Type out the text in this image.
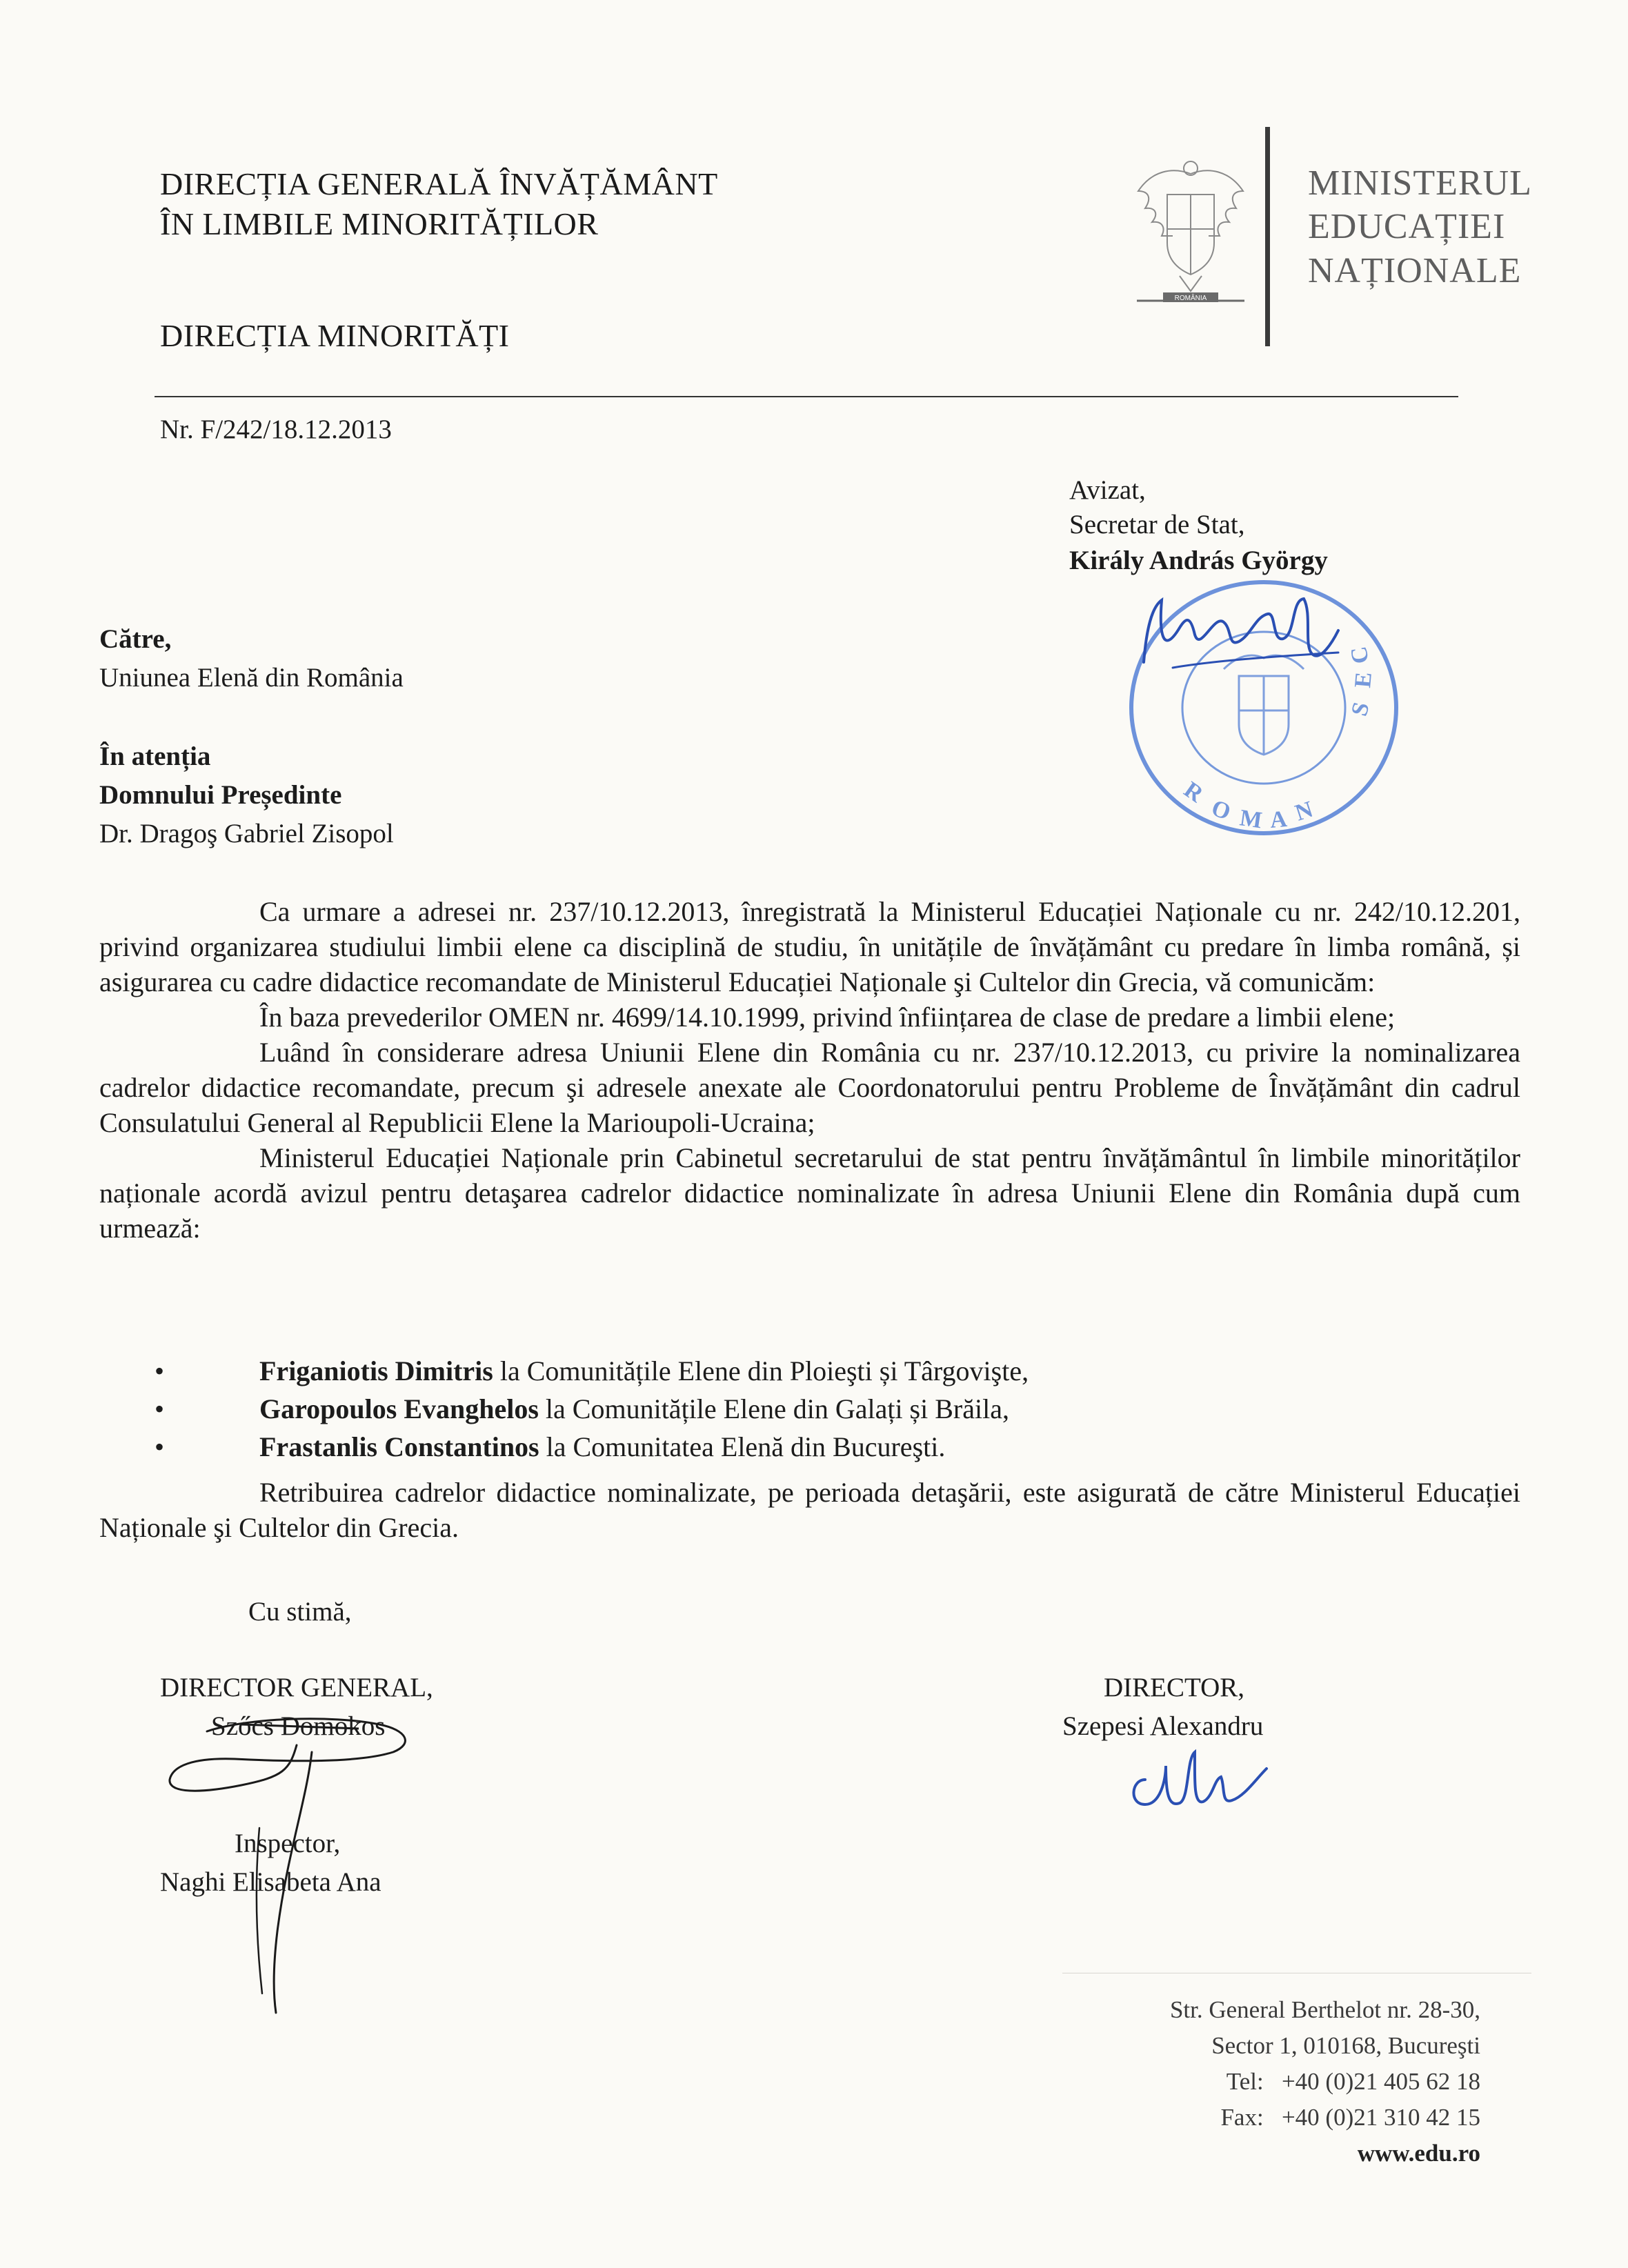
DIRECȚIA GENERALĂ ÎNVĂȚĂMÂNT
ÎN LIMBILE MINORITĂȚILOR
DIRECȚIA MINORITĂȚI
ROMÂNIA
MINISTERUL
EDUCAȚIEI
NAȚIONALE
Nr. F/242/18.12.2013
Avizat,
Secretar de Stat,
Király András György
R
O M A N
S
E
C
Către,
Uniunea Elenă din România
În atenția
Domnului Președinte
Dr. Dragoş Gabriel Zisopol

Ca urmare a adresei nr. 237/10.12.2013, înregistrată la Ministerul Educației Naționale cu nr. 242/10.12.201, privind organizarea studiului limbii elene ca disciplină de studiu, în unitățile de învățământ cu predare în limba română, și asigurarea cu cadre didactice recomandate de Ministerul Educației Naționale şi Cultelor din Grecia, vă comunicăm:

În baza prevederilor OMEN nr. 4699/14.10.1999, privind înființarea de clase de predare a limbii elene;

Luând în considerare adresa Uniunii Elene din România cu nr. 237/10.12.2013, cu privire la nominalizarea cadrelor didactice recomandate, precum şi adresele anexate ale Coordonatorului pentru Probleme de Învățământ din cadrul Consulatului General al Republicii Elene la Marioupoli-Ucraina;

Ministerul Educației Naționale prin Cabinetul secretarului de stat pentru învățământul în limbile minorităților naționale acordă avizul pentru detaşarea cadrelor didactice nominalizate în adresa Uniunii Elene din România după cum urmează:

•	Friganiotis Dimitris la Comunitățile Elene din Ploieşti și Târgovişte,
•	Garopoulos Evanghelos la Comunitățile Elene din Galați și Brăila,
•	Frastanlis Constantinos la Comunitatea Elenă din Bucureşti.

Retribuirea cadrelor didactice nominalizate, pe perioada detaşării, este asigurată de către Ministerul Educației Naționale şi Cultelor din Grecia.

Cu stimă,
DIRECTOR GENERAL,
Szőcs Domokos
DIRECTOR,
Szepesi Alexandru
Inspector,
Naghi Elisabeta Ana
Str. General Berthelot nr. 28-30,
Sector 1, 010168, Bucureşti
Tel: +40 (0)21 405 62 18
Fax: +40 (0)21 310 42 15
www.edu.ro
